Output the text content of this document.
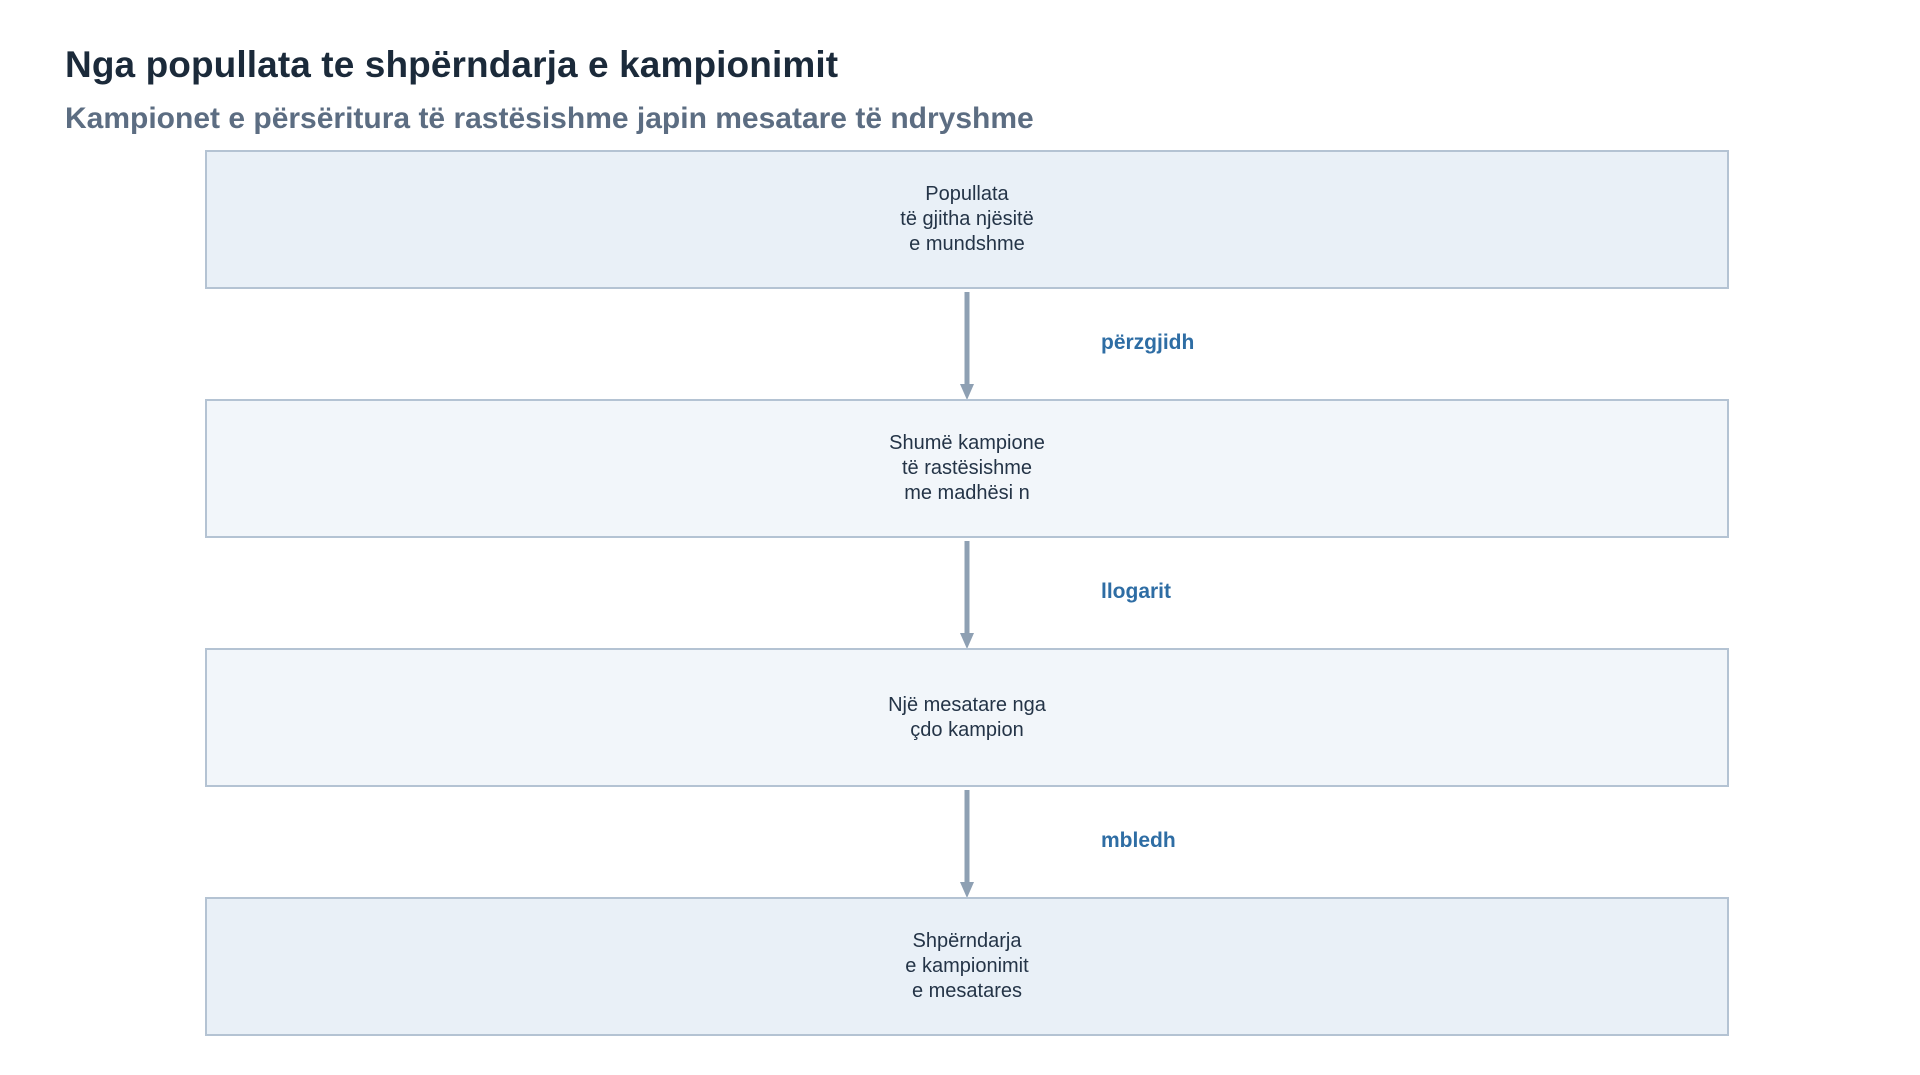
Nga popullata te shpërndarja e kampionimit
Kampionet e përsëritura të rastësishme japin mesatare të ndryshme
Popullata
të gjitha njësitë
e mundshme
përzgjidh
Shumë kampione
të rastësishme
me madhësi n
llogarit
Një mesatare nga
çdo kampion
mbledh
Shpërndarja
e kampionimit
e mesatares
